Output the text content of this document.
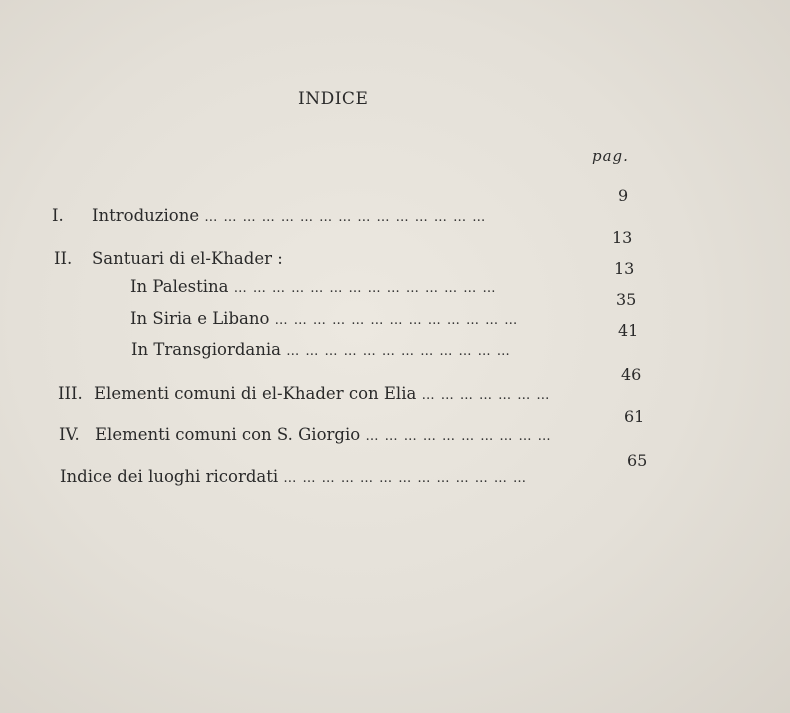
INDICE
pag.
I. Introduzione … … … … … … … … … … … … … … …
9
II. Santuari di el-Khader :
13
In Palestina … … … … … … … … … … … … … …
13
In Siria e Libano … … … … … … … … … … … … …
35
In Transgiordania … … … … … … … … … … … …
41
III. Elementi comuni di el-Khader con Elia … … … … … … …
46
IV. Elementi comuni con S. Giorgio … … … … … … … … … …
61
Indice dei luoghi ricordati … … … … … … … … … … … … …
65
